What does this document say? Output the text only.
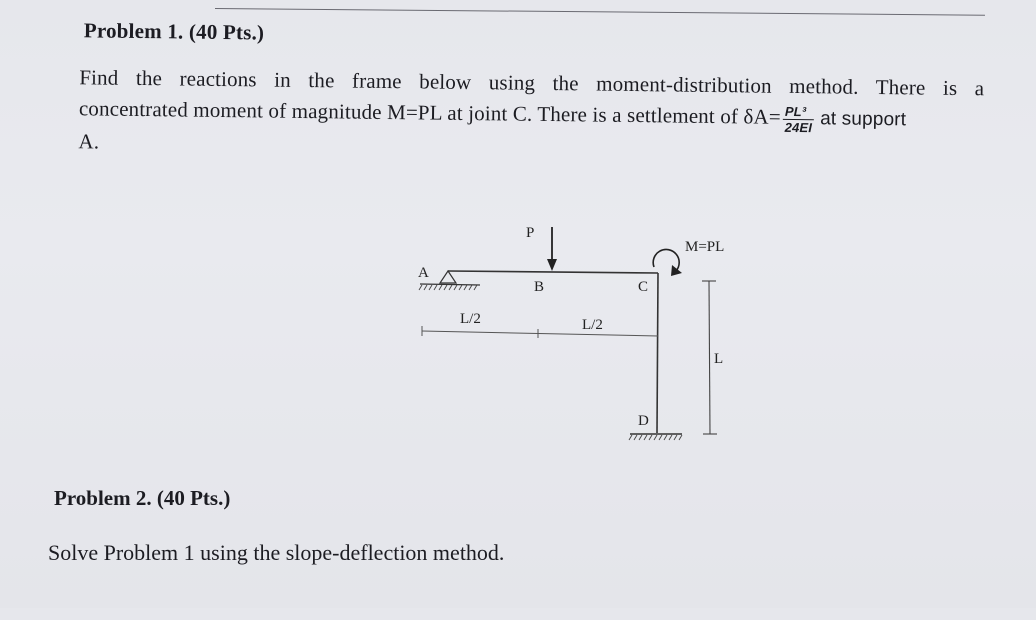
Problem 1. (40 Pts.)
Find the reactions in the frame below using the moment-distribution method. There is a
concentrated moment of magnitude M=PL at joint C. There is a settlement of $\delta A= \frac{\text{PL³}}{24EI}$ at support
A.
A
B	C
D
P
M=PL
L/2	L/2
L
Problem 2. (40 Pts.)
Solve Problem 1 using the slope-deflection method.
